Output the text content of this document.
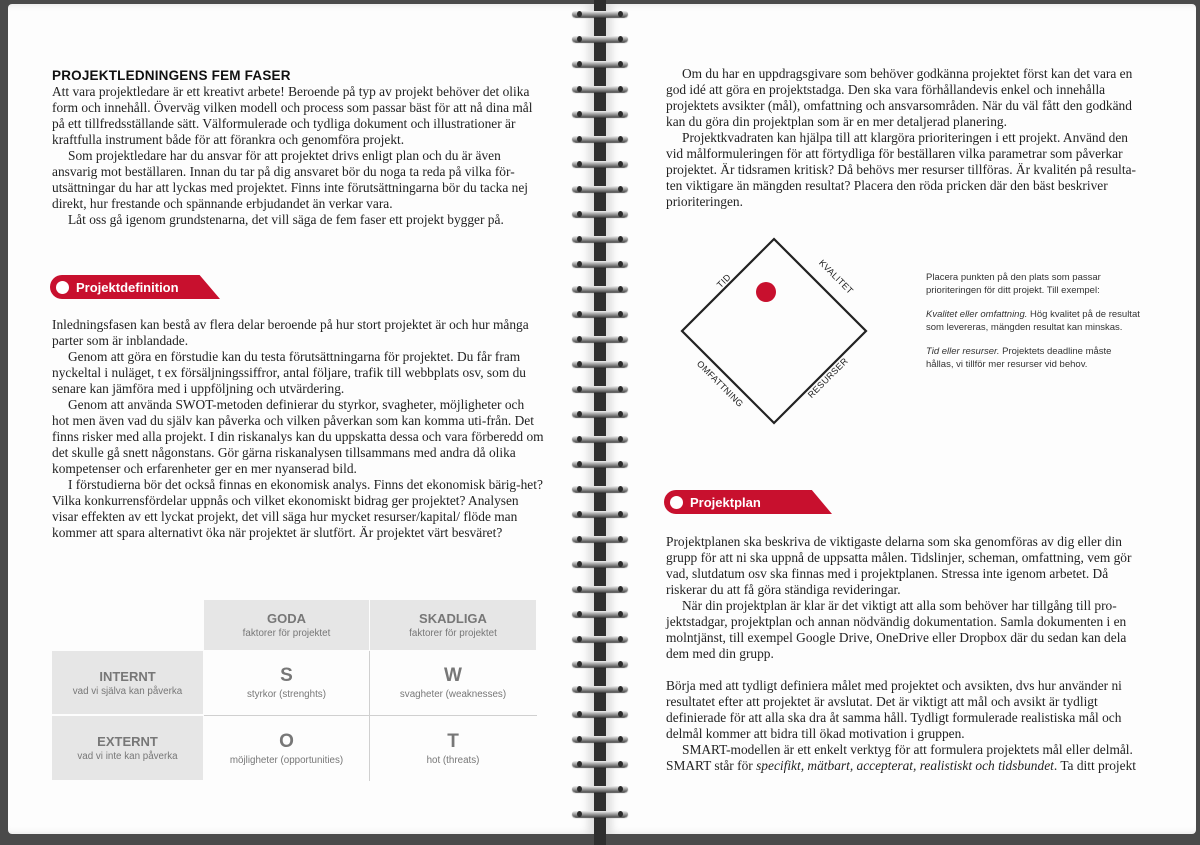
PROJEKTLEDNINGENS FEM FASER

Att vara projektledare är ett kreativt arbete! Beroende på typ av projekt behöver det olika form och innehåll. Överväg vilken modell och process som passar bäst för att nå dina mål på ett tillfredsställande sätt. Välformulerade och tydliga dokument och illustrationer är kraftfulla instrument både för att förankra och genomföra projekt.

Som projektledare har du ansvar för att projektet drivs enligt plan och du är även ansvarig mot beställaren. Innan du tar på dig ansvaret bör du noga ta reda på vilka för-utsättningar du har att lyckas med projektet. Finns inte förutsättningarna bör du tacka nej direkt, hur frestande och spännande erbjudandet än verkar vara.

Låt oss gå igenom grundstenarna, det vill säga de fem faser ett projekt bygger på.

Projektdefinition

Inledningsfasen kan bestå av flera delar beroende på hur stort projektet är och hur många parter som är inblandade.

Genom att göra en förstudie kan du testa förutsättningarna för projektet. Du får fram nyckeltal i nuläget, t ex försäljningssiffror, antal följare, trafik till webbplats osv, som du senare kan jämföra med i uppföljning och utvärdering.

Genom att använda SWOT-metoden definierar du styrkor, svagheter, möjligheter och hot men även vad du själv kan påverka och vilken påverkan som kan komma uti-från. Det finns risker med alla projekt. I din riskanalys kan du uppskatta dessa och vara förberedd om det skulle gå snett någonstans. Gör gärna riskanalysen tillsammans med andra då olika kompetenser och erfarenheter ger en mer nyanserad bild.

I förstudierna bör det också finnas en ekonomisk analys. Finns det ekonomisk bärig-het? Vilka konkurrensfördelar uppnås och vilket ekonomiskt bidrag ger projektet? Analysen visar effekten av ett lyckat projekt, det vill säga hur mycket resurser/kapital/ flöde man kommer att spara alternativt öka när projektet är slutfört. Är projektet värt besväret?

GODA
faktorer för projektet
SKADLIGA
faktorer för projektet
INTERNT
vad vi själva kan påverka
EXTERNT
vad vi inte kan påverka
S
styrkor (strenghts)
W
svagheter (weaknesses)
O
möjligheter (opportunities)
T
hot (threats)

Om du har en uppdragsgivare som behöver godkänna projektet först kan det vara en god idé att göra en projektstadga. Den ska vara förhållandevis enkel och innehålla projektets avsikter (mål), omfattning och ansvarsområden. När du väl fått den godkänd kan du göra din projektplan som är en mer detaljerad planering.

Projektkvadraten kan hjälpa till att klargöra prioriteringen i ett projekt. Använd den vid målformuleringen för att förtydliga för beställaren vilka parametrar som påverkar projektet. Är tidsramen kritisk? Då behövs mer resurser tillföras. Är kvalitén på resulta-ten viktigare än mängden resultat? Placera den röda pricken där den bäst beskriver prioriteringen.

TID	KVALITET
OMFATTNING	RESURSER

Placera punkten på den plats som passar prioriteringen för ditt projekt. Till exempel:

Kvalitet eller omfattning. Hög kvalitet på de resultat som levereras, mängden resultat kan minskas.

Tid eller resurser. Projektets deadline måste hållas, vi tillför mer resurser vid behov.

Projektplan

Projektplanen ska beskriva de viktigaste delarna som ska genomföras av dig eller din grupp för att ni ska uppnå de uppsatta målen. Tidslinjer, scheman, omfattning, vem gör vad, slutdatum osv ska finnas med i projektplanen. Stressa inte igenom arbetet. Då riskerar du att få göra ständiga revideringar.

När din projektplan är klar är det viktigt att alla som behöver har tillgång till pro-jektstadgar, projektplan och annan nödvändig dokumentation. Samla dokumenten i en molntjänst, till exempel Google Drive, OneDrive eller Dropbox där du sedan kan dela dem med din grupp.

Börja med att tydligt definiera målet med projektet och avsikten, dvs hur använder ni resultatet efter att projektet är avslutat. Det är viktigt att mål och avsikt är tydligt definierade för att alla ska dra åt samma håll. Tydligt formulerade realistiska mål och delmål kommer att bidra till ökad motivation i gruppen.

SMART-modellen är ett enkelt verktyg för att formulera projektets mål eller delmål.

SMART står för specifikt, mätbart, accepterat, realistiskt och tidsbundet. Ta ditt projekt
